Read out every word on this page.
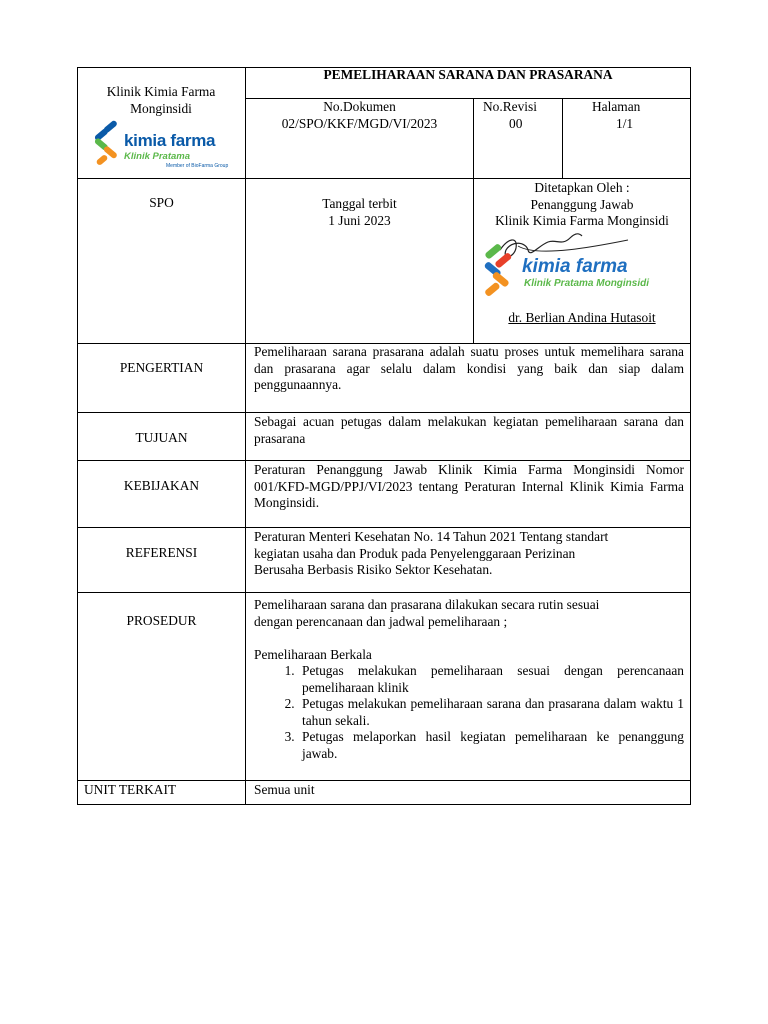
Klinik Kimia Farma Monginsidi
kimia farma
Klinik Pratama
Member of BioFarma Group
PEMELIHARAAN SARANA DAN PRASARANA
No.Dokumen
02/SPO/KKF/MGD/VI/2023
No.Revisi
00
Halaman
1/1
SPO	Tanggal terbit
1 Juni 2023
Ditetapkan Oleh :
Penanggung Jawab
Klinik Kimia Farma Monginsidi
kimia farma
Klinik Pratama Monginsidi
dr. Berlian Andina Hutasoit
PENGERTIAN
Pemeliharaan sarana prasarana adalah suatu proses untuk memelihara sarana dan prasarana agar selalu dalam kondisi yang baik dan siap dalam penggunaannya.
TUJUAN
Sebagai acuan petugas dalam melakukan kegiatan pemeliharaan sarana dan prasarana
KEBIJAKAN
Peraturan Penanggung Jawab Klinik Kimia Farma Monginsidi Nomor 001/KFD-MGD/PPJ/VI/2023 tentang Peraturan Internal Klinik Kimia Farma Monginsidi.
REFERENSI
Peraturan Menteri Kesehatan No. 14 Tahun 2021 Tentang standart
kegiatan usaha dan Produk pada Penyelenggaraan Perizinan
Berusaha Berbasis Risiko Sektor Kesehatan.
PROSEDUR
Pemeliharaan sarana dan prasarana dilakukan secara rutin sesuai
dengan perencanaan dan jadwal pemeliharaan ;
Pemeliharaan Berkala
1. Petugas melakukan pemeliharaan sesuai dengan perencanaan pemeliharaan klinik
2. Petugas melakukan pemeliharaan sarana dan prasarana dalam waktu 1 tahun sekali.
3. Petugas melaporkan hasil kegiatan pemeliharaan ke penanggung jawab.
UNIT TERKAIT	Semua unit
